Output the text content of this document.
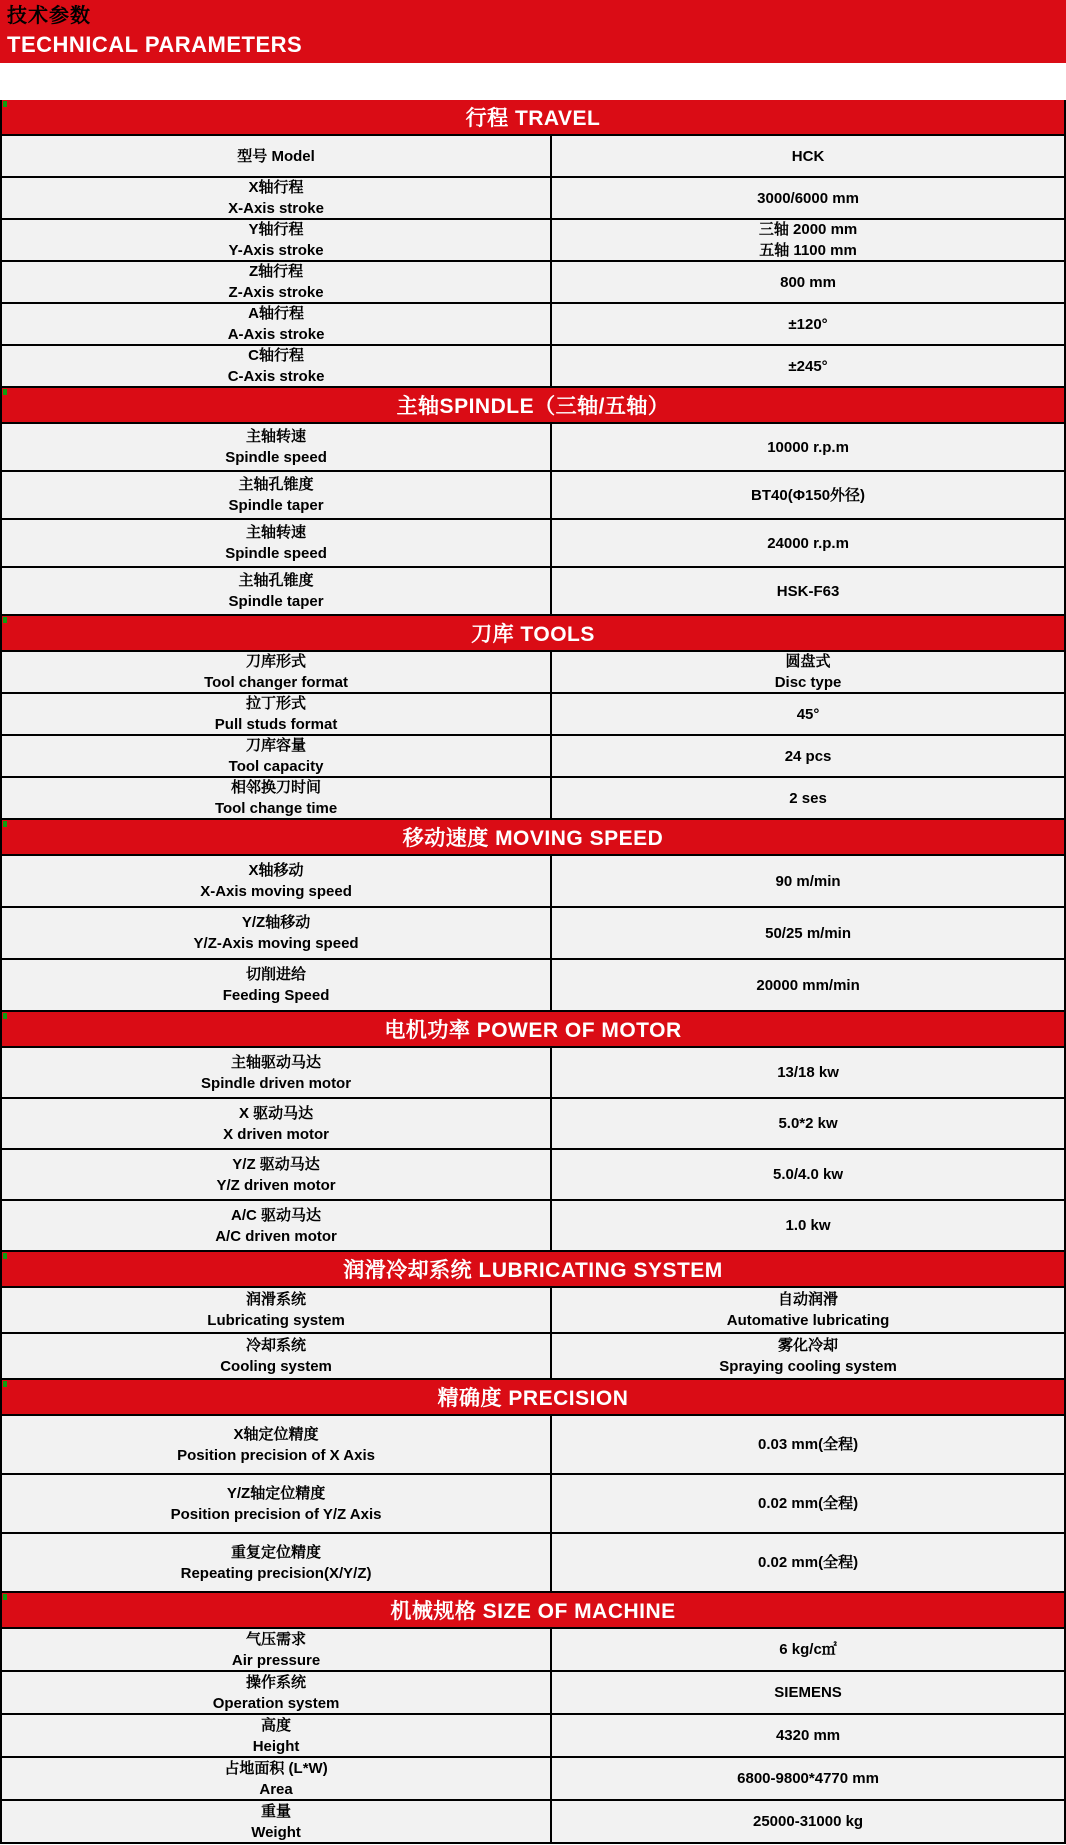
技术参数
TECHNICAL PARAMETERS
行程 TRAVEL
型号 Model	HCK
X轴行程
X-Axis stroke
3000/6000 mm
Y轴行程
Y-Axis stroke
三轴 2000 mm
五轴 1100 mm
Z轴行程
Z-Axis stroke
800 mm
A轴行程
A-Axis stroke
±120°
C轴行程
C-Axis stroke
±245°
主轴SPINDLE（三轴/五轴）
主轴转速
Spindle speed
10000 r.p.m
主轴孔锥度
Spindle taper
BT40(Φ150外径)
主轴转速
Spindle speed
24000 r.p.m
主轴孔锥度
Spindle taper
HSK-F63
刀库 TOOLS
刀库形式
Tool changer format
圆盘式
Disc type
拉丁形式
Pull studs format
45°
刀库容量
Tool capacity
24 pcs
相邻换刀时间
Tool change time
2 ses
移动速度 MOVING SPEED
X轴移动
X-Axis moving speed
90 m/min
Y/Z轴移动
Y/Z-Axis moving speed
50/25 m/min
切削进给
Feeding Speed
20000 mm/min
电机功率 POWER OF MOTOR
主轴驱动马达
Spindle driven motor
13/18 kw
X 驱动马达
X driven motor
5.0*2 kw
Y/Z 驱动马达
Y/Z driven motor
5.0/4.0 kw
A/C 驱动马达
A/C driven motor
1.0 kw
润滑冷却系统 LUBRICATING SYSTEM
润滑系统
Lubricating system
自动润滑
Automative lubricating
冷却系统
Cooling system
雾化冷却
Spraying cooling system
精确度 PRECISION
X轴定位精度
Position precision of X Axis
0.03 mm(全程)
Y/Z轴定位精度
Position precision of Y/Z Axis
0.02 mm(全程)
重复定位精度
Repeating precision(X/Y/Z)
0.02 mm(全程)
机械规格 SIZE OF MACHINE
气压需求
Air pressure
6 kg/c㎡
操作系统
Operation system
SIEMENS
高度
Height
4320 mm
占地面积 (L*W)
Area
6800-9800*4770 mm
重量
Weight
25000-31000 kg
